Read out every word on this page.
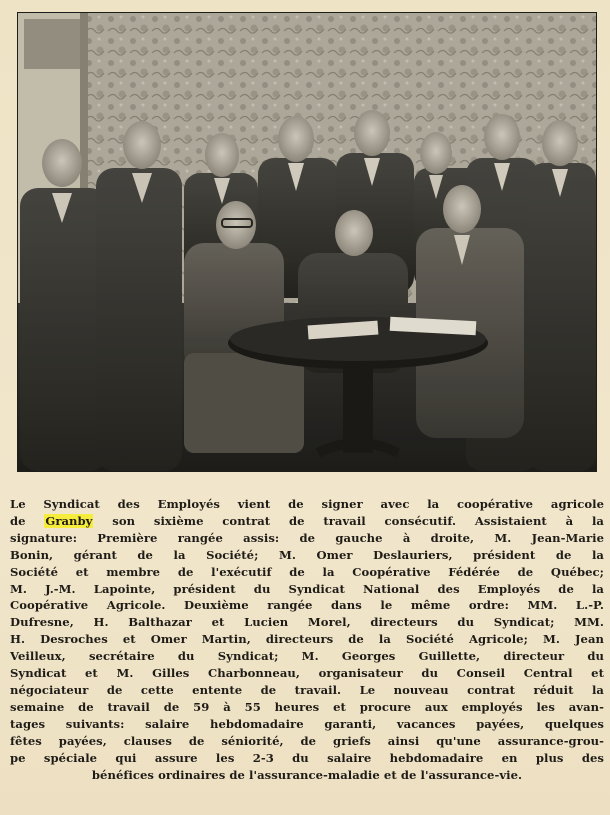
Le Syndicat des Employés vient de signer avec la coopérative agricole
de Granby son sixième contrat de travail consécutif. Assistaient à la
signature: Première rangée assis: de gauche à droite, M. Jean-Marie
Bonin, gérant de la Société; M. Omer Deslauriers, président de la
Société et membre de l'exécutif de la Coopérative Fédérée de Québec;
M. J.-M. Lapointe, président du Syndicat National des Employés de la
Coopérative Agricole. Deuxième rangée dans le même ordre: MM. L.-P.
Dufresne, H. Balthazar et Lucien Morel, directeurs du Syndicat; MM.
H. Desroches et Omer Martin, directeurs de la Société Agricole; M. Jean
Veilleux, secrétaire du Syndicat; M. Georges Guillette, directeur du
Syndicat et M. Gilles Charbonneau, organisateur du Conseil Central et
négociateur de cette entente de travail. Le nouveau contrat réduit la
semaine de travail de 59 à 55 heures et procure aux employés les avan-
tages suivants: salaire hebdomadaire garanti, vacances payées, quelques
fêtes payées, clauses de séniorité, de griefs ainsi qu'une assurance-grou-
pe spéciale qui assure les 2-3 du salaire hebdomadaire en plus des
bénéfices ordinaires de l'assurance-maladie et de l'assurance-vie.
